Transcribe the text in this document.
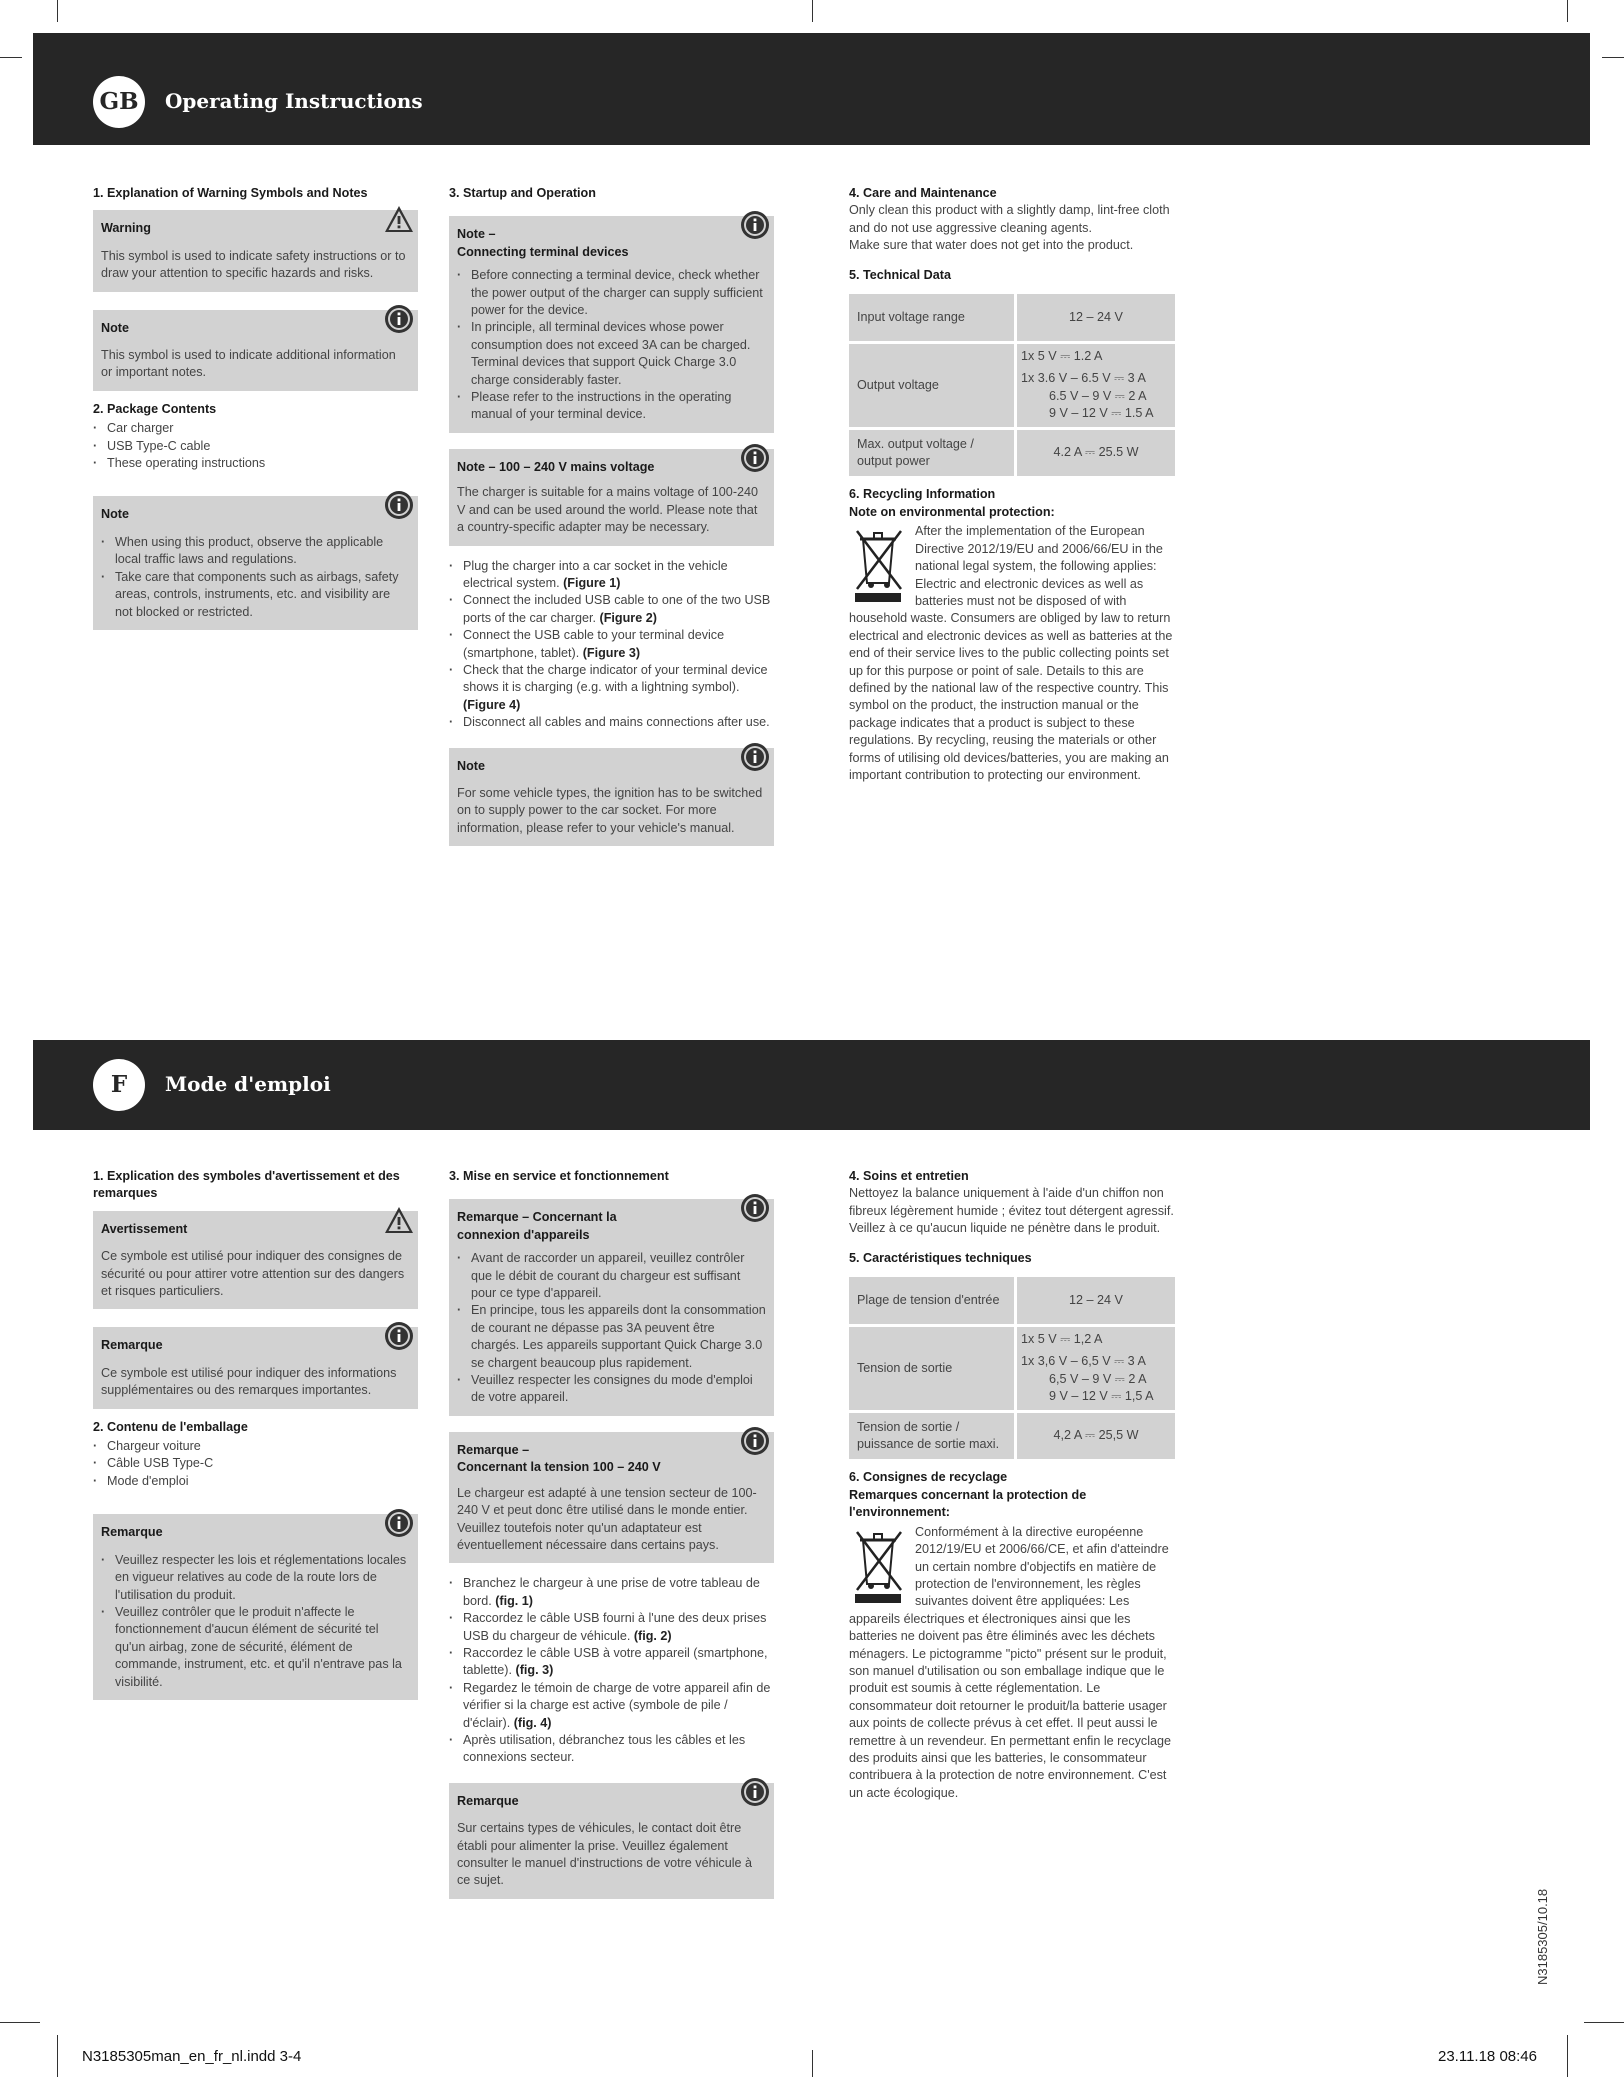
GB	Operating Instructions
1. Explanation of Warning Symbols and Notes
Warning
This symbol is used to indicate safety instructions or to draw your attention to specific hazards and risks.
Note
This symbol is used to indicate additional information or important notes.
2. Package Contents
· Car charger
· USB Type-C cable
· These operating instructions
Note
· When using this product, observe the applicable local traffic laws and regulations.
· Take care that components such as airbags, safety areas, controls, instruments, etc. and visibility are not blocked or restricted.
3. Startup and Operation
Note –
Connecting terminal devices
· Before connecting a terminal device, check whether the power output of the charger can supply sufficient power for the device.
· In principle, all terminal devices whose power consumption does not exceed 3A can be charged. Terminal devices that support Quick Charge 3.0 charge considerably faster.
· Please refer to the instructions in the operating manual of your terminal device.
Note – 100 – 240 V mains voltage
The charger is suitable for a mains voltage of 100-240 V and can be used around the world. Please note that a country-specific adapter may be necessary.
· Plug the charger into a car socket in the vehicle electrical system. (Figure 1)
· Connect the included USB cable to one of the two USB ports of the car charger. (Figure 2)
· Connect the USB cable to your terminal device (smartphone, tablet). (Figure 3)
· Check that the charge indicator of your terminal device shows it is charging (e.g. with a lightning symbol). (Figure 4)
· Disconnect all cables and mains connections after use.
Note
For some vehicle types, the ignition has to be switched on to supply power to the car socket. For more information, please refer to your vehicle's manual.
4. Care and Maintenance
Only clean this product with a slightly damp, lint-free cloth and do not use aggressive cleaning agents.
Make sure that water does not get into the product.
5. Technical Data
Input voltage range	12 – 24 V
Output voltage	1x 5 V ⎓ 1.2 A
1x 3.6 V – 6.5 V ⎓ 3 A
6.5 V – 9 V ⎓ 2 A
9 V – 12 V ⎓ 1.5 A

Max. output voltage / output power	4.2 A ⎓ 25.5 W
6. Recycling Information
Note on environmental protection:
After the implementation of the European Directive 2012/19/EU and 2006/66/EU in the national legal system, the following applies: Electric and electronic devices as well as batteries must not be disposed of with household waste. Consumers are obliged by law to return electrical and electronic devices as well as batteries at the end of their service lives to the public collecting points set up for this purpose or point of sale. Details to this are defined by the national law of the respective country. This symbol on the product, the instruction manual or the package indicates that a product is subject to these regulations. By recycling, reusing the materials or other forms of utilising old devices/batteries, you are making an important contribution to protecting our environment.
F	Mode d'emploi
1. Explication des symboles d'avertissement et des remarques
Avertissement
Ce symbole est utilisé pour indiquer des consignes de sécurité ou pour attirer votre attention sur des dangers et risques particuliers.
Remarque
Ce symbole est utilisé pour indiquer des informations supplémentaires ou des remarques importantes.
2. Contenu de l'emballage
· Chargeur voiture
· Câble USB Type-C
· Mode d'emploi
Remarque
· Veuillez respecter les lois et réglementations locales en vigueur relatives au code de la route lors de l'utilisation du produit.
· Veuillez contrôler que le produit n'affecte le fonctionnement d'aucun élément de sécurité tel qu'un airbag, zone de sécurité, élément de commande, instrument, etc. et qu'il n'entrave pas la visibilité.
3. Mise en service et fonctionnement
Remarque – Concernant la
connexion d'appareils
· Avant de raccorder un appareil, veuillez contrôler que le débit de courant du chargeur est suffisant pour ce type d'appareil.
· En principe, tous les appareils dont la consommation de courant ne dépasse pas 3A peuvent être chargés. Les appareils supportant Quick Charge 3.0 se chargent beaucoup plus rapidement.
· Veuillez respecter les consignes du mode d'emploi de votre appareil.
Remarque –
Concernant la tension 100 – 240 V
Le chargeur est adapté à une tension secteur de 100-240 V et peut donc être utilisé dans le monde entier. Veuillez toutefois noter qu'un adaptateur est éventuellement nécessaire dans certains pays.
· Branchez le chargeur à une prise de votre tableau de bord. (fig. 1)
· Raccordez le câble USB fourni à l'une des deux prises USB du chargeur de véhicule. (fig. 2)
· Raccordez le câble USB à votre appareil (smartphone, tablette). (fig. 3)
· Regardez le témoin de charge de votre appareil afin de vérifier si la charge est active (symbole de pile / d'éclair). (fig. 4)
· Après utilisation, débranchez tous les câbles et les connexions secteur.
Remarque
Sur certains types de véhicules, le contact doit être établi pour alimenter la prise. Veuillez également consulter le manuel d'instructions de votre véhicule à ce sujet.
4. Soins et entretien
Nettoyez la balance uniquement à l'aide d'un chiffon non fibreux légèrement humide ; évitez tout détergent agressif.
Veillez à ce qu'aucun liquide ne pénètre dans le produit.
5. Caractéristiques techniques
Plage de tension d'entrée	12 – 24 V
Tension de sortie	1x 5 V ⎓ 1,2 A
1x 3,6 V – 6,5 V ⎓ 3 A
6,5 V – 9 V ⎓ 2 A
9 V – 12 V ⎓ 1,5 A

Tension de sortie / puissance de sortie maxi.	4,2 A ⎓ 25,5 W
6. Consignes de recyclage
Remarques concernant la protection de l'environnement:
Conformément à la directive européenne 2012/19/EU et 2006/66/CE, et afin d'atteindre un certain nombre d'objectifs en matière de protection de l'environnement, les règles suivantes doivent être appliquées: Les appareils électriques et électroniques ainsi que les batteries ne doivent pas être éliminés avec les déchets ménagers. Le pictogramme "picto" présent sur le produit, son manuel d'utilisation ou son emballage indique que le produit est soumis à cette réglementation. Le consommateur doit retourner le produit/la batterie usager aux points de collecte prévus à cet effet. Il peut aussi le remettre à un revendeur. En permettant enfin le recyclage des produits ainsi que les batteries, le consommateur contribuera à la protection de notre environnement. C'est un acte écologique.
N3185305/10.18
N3185305man_en_fr_nl.indd 3-4	23.11.18 08:46
